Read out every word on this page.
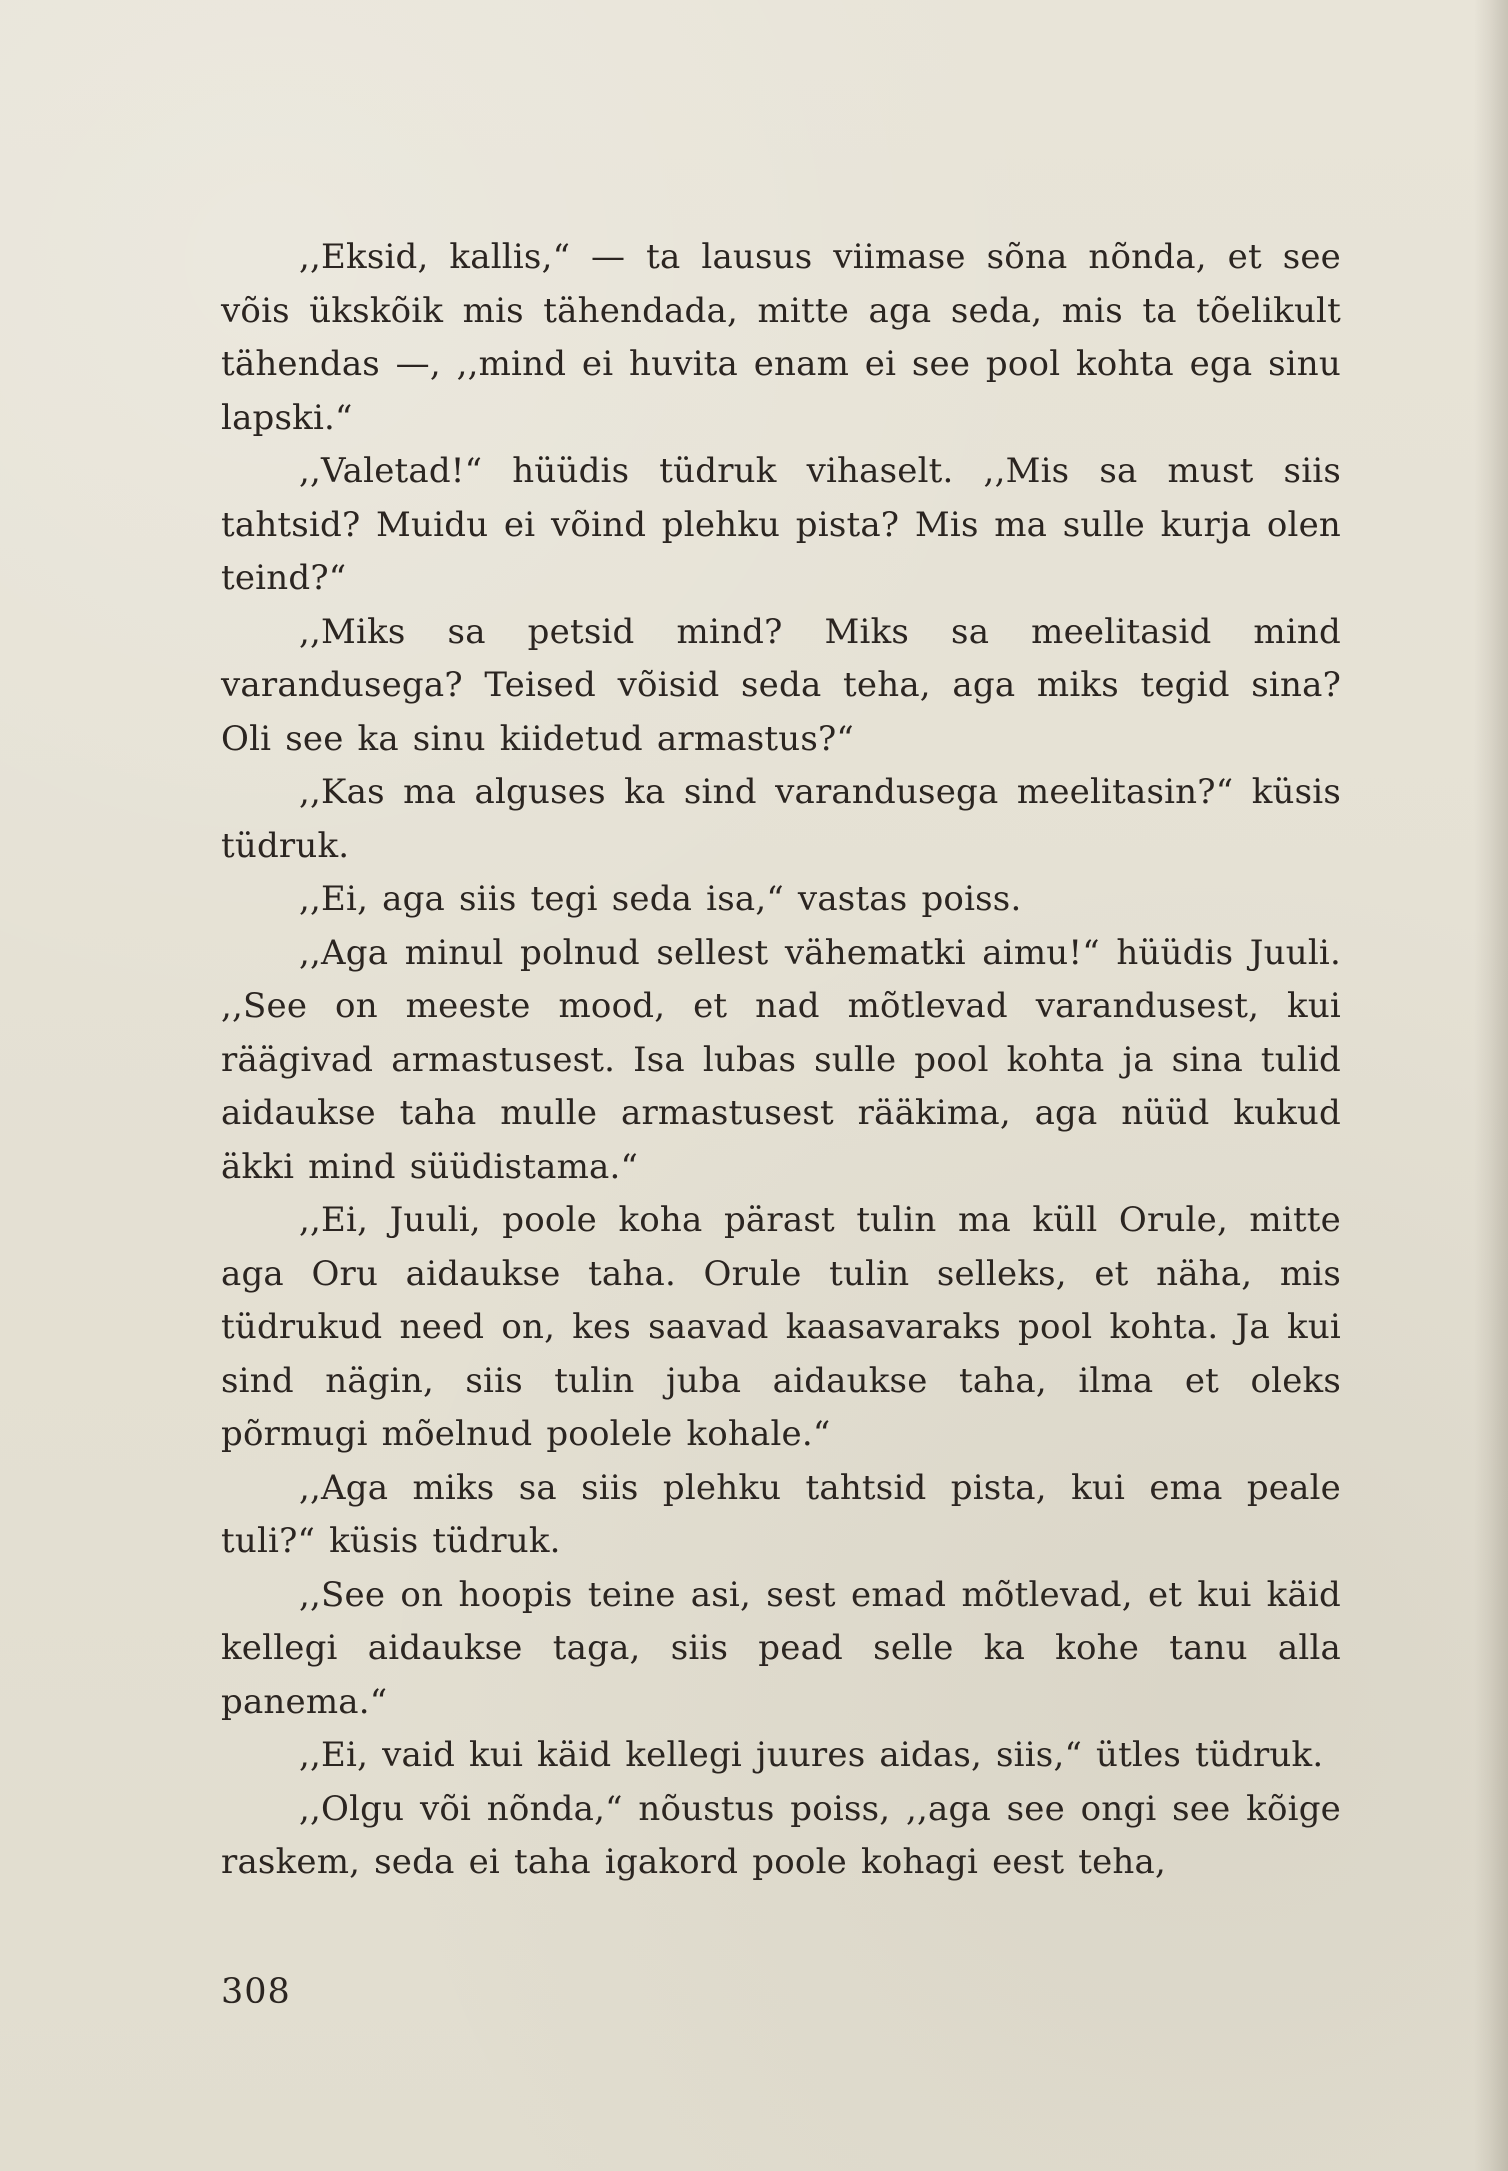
,,Eksid, kallis,“ — ta lausus viimase sõna nõnda, et see võis ükskõik mis tähendada, mitte aga seda, mis ta tõelikult tähendas —, ,,mind ei huvita enam ei see pool kohta ega sinu lapski.“

,,Valetad!“ hüüdis tüdruk vihaselt. ,,Mis sa must siis tahtsid? Muidu ei võind plehku pista? Mis ma sulle kurja olen teind?“

,,Miks sa petsid mind? Miks sa meelitasid mind varandusega? Teised võisid seda teha, aga miks tegid sina? Oli see ka sinu kiidetud armastus?“

,,Kas ma alguses ka sind varandusega meelitasin?“ küsis tüdruk.

,,Ei, aga siis tegi seda isa,“ vastas poiss.

,,Aga minul polnud sellest vähematki aimu!“ hüüdis Juuli. ,,See on meeste mood, et nad mõtlevad varandusest, kui räägivad armastusest. Isa lubas sulle pool kohta ja sina tulid aidaukse taha mulle armastusest rääkima, aga nüüd kukud äkki mind süüdistama.“

,,Ei, Juuli, poole koha pärast tulin ma küll Orule, mitte aga Oru aidaukse taha. Orule tulin selleks, et näha, mis tüdrukud need on, kes saavad kaasavaraks pool kohta. Ja kui sind nägin, siis tulin juba aidaukse taha, ilma et oleks põrmugi mõelnud poolele kohale.“

,,Aga miks sa siis plehku tahtsid pista, kui ema peale tuli?“ küsis tüdruk.

,,See on hoopis teine asi, sest emad mõtlevad, et kui käid kellegi aidaukse taga, siis pead selle ka kohe tanu alla panema.“

,,Ei, vaid kui käid kellegi juures aidas, siis,“ ütles tüdruk.

,,Olgu või nõnda,“ nõustus poiss, ,,aga see ongi see kõige raskem, seda ei taha igakord poole kohagi eest teha,

308
